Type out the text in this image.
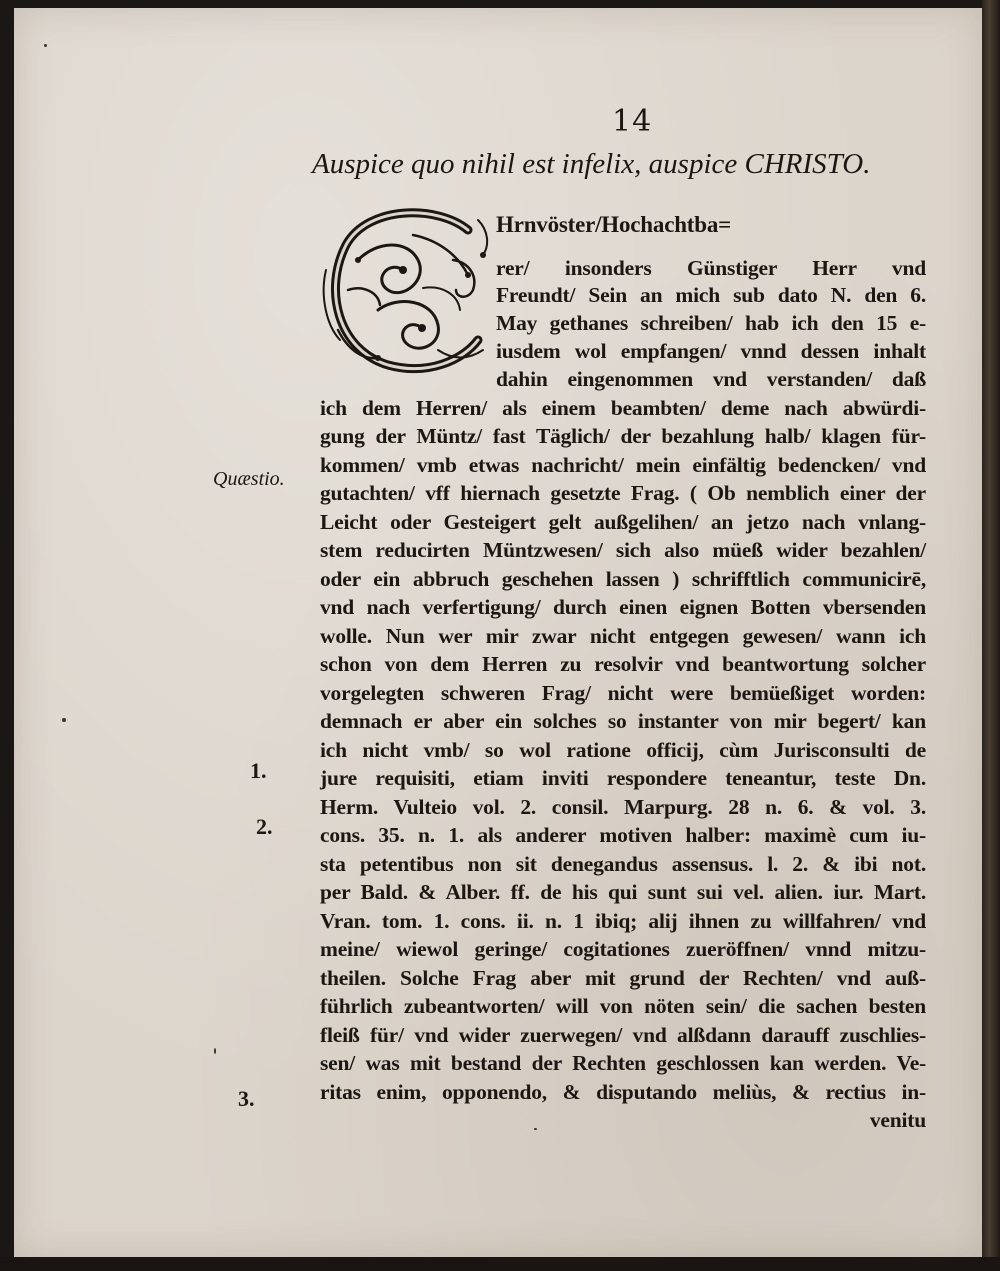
14
Auspice quo nihil est infelix, auspice CHRISTO.
Hrnvöster/Hochachtba=
rer/ insonders Günstiger Herr vnd
Freundt/ Sein an mich sub dato N. den 6.
May gethanes schreiben/ hab ich den 15 e-
iusdem wol empfangen/ vnnd dessen inhalt
dahin eingenommen vnd verstanden/ daß
ich dem Herren/ als einem beambten/ deme nach abwürdi-
gung der Müntz/ fast Täglich/ der bezahlung halb/ klagen für-
kommen/ vmb etwas nachricht/ mein einfältig bedencken/ vnd
gutachten/ vff hiernach gesetzte Frag. ( Ob nemblich einer der
Leicht oder Gesteigert gelt außgelihen/ an jetzo nach vnlang-
stem reducirten Müntzwesen/ sich also müeß wider bezahlen/
oder ein abbruch geschehen lassen ) schrifftlich communicirē,
vnd nach verfertigung/ durch einen eignen Botten vbersenden
wolle. Nun wer mir zwar nicht entgegen gewesen/ wann ich
schon von dem Herren zu resolvir vnd beantwortung solcher
vorgelegten schweren Frag/ nicht were bemüeßiget worden:
demnach er aber ein solches so instanter von mir begert/ kan
ich nicht vmb/ so wol ratione officij, cùm Jurisconsulti de
jure requisiti, etiam inviti respondere teneantur, teste Dn.
Herm. Vulteio vol. 2. consil. Marpurg. 28 n. 6. & vol. 3.
cons. 35. n. 1. als anderer motiven halber: maximè cum iu-
sta petentibus non sit denegandus assensus. l. 2. & ibi not.
per Bald. & Alber. ff. de his qui sunt sui vel. alien. iur. Mart.
Vran. tom. 1. cons. ii. n. 1 ibiq; alij ihnen zu willfahren/ vnd
meine/ wiewol geringe/ cogitationes zueröffnen/ vnnd mitzu-
theilen. Solche Frag aber mit grund der Rechten/ vnd auß-
führlich zubeantworten/ will von nöten sein/ die sachen besten
fleiß für/ vnd wider zuerwegen/ vnd alßdann darauff zuschlies-
sen/ was mit bestand der Rechten geschlossen kan werden. Ve-
ritas enim, opponendo, & disputando meliùs, & rectius in-
venitu
Quæstio.
1.
2.
3.
